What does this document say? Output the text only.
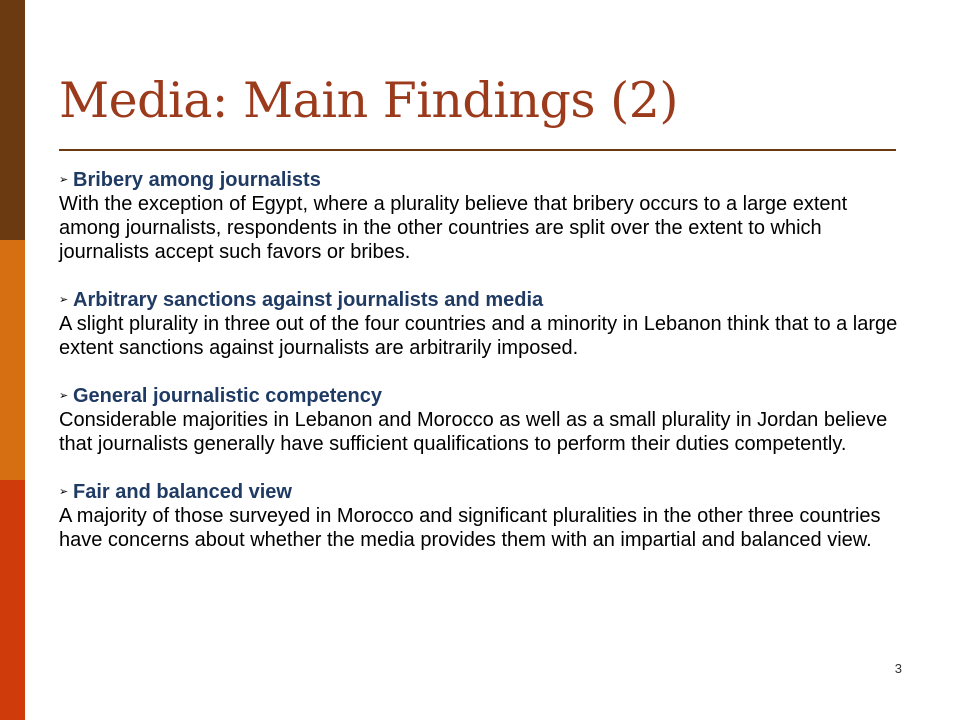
Media: Main Findings (2)
➢ Bribery among journalists
With the exception of Egypt, where a plurality believe that bribery occurs to a large extent among journalists, respondents in the other countries are split over the extent to which journalists accept such favors or bribes.
➢ Arbitrary sanctions against journalists and media
A slight plurality in three out of the four countries and a minority in Lebanon think that to a large extent sanctions against journalists are arbitrarily imposed.
➢ General journalistic competency
Considerable majorities in Lebanon and Morocco as well as a small plurality in Jordan believe that journalists generally have sufficient qualifications to perform their duties competently.
➢ Fair and balanced view
A majority of those surveyed in Morocco and significant pluralities in the other three countries have concerns about whether the media provides them with an impartial and balanced view.
3
